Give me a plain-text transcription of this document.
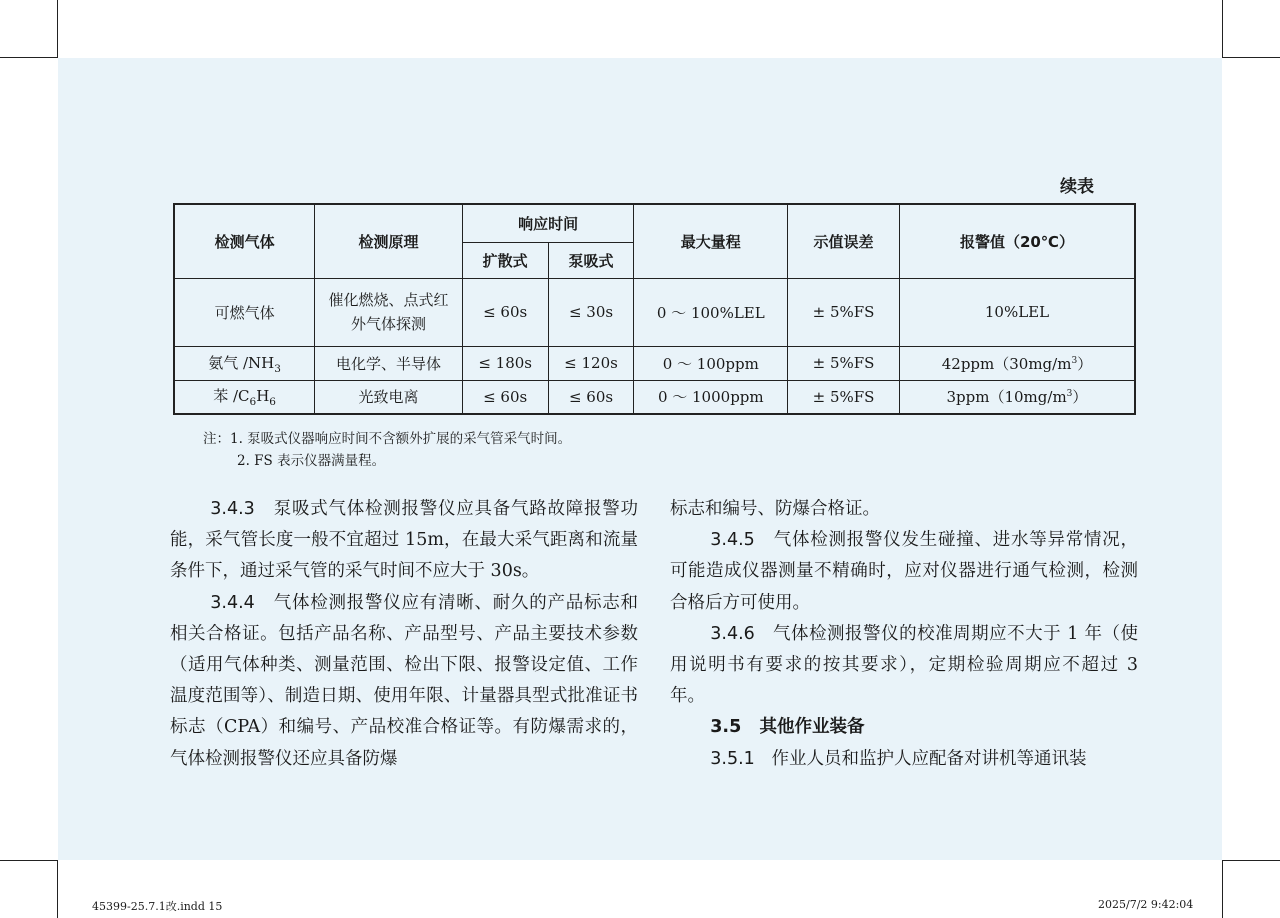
续表
检测气体	检测原理	响应时间		最大量程	示值误差	报警值（20℃）
		扩散式	泵吸式			
可燃气体	催化燃烧、点式红外气体探测	≤ 60s	≤ 30s	0 ～ 100%LEL	± 5%FS	10%LEL
氨气 $/NH_3$	电化学、半导体	≤ 180s	≤ 120s	0 ～ 100ppm	± 5%FS	$42ppm(30mg/m^3)$
苯 $/C_6H_6$	光致电离	≤ 60s	≤ 60s	0 ～ 1000ppm	± 5%FS	$3ppm(10mg/m^3)$
注：1. 泵吸式仪器响应时间不含额外扩展的采气管采气时间。
2. FS 表示仪器满量程。

3.4.3 泵吸式气体检测报警仪应具备气路故障报警功能，采气管长度一般不宜超过 15m，在最大采气距离和流量条件下，通过采气管的采气时间不应大于 30s。

3.4.4 气体检测报警仪应有清晰、耐久的产品标志和相关合格证。包括产品名称、产品型号、产品主要技术参数（适用气体种类、测量范围、检出下限、报警设定值、工作温度范围等）、制造日期、使用年限、计量器具型式批准证书标志（CPA）和编号、产品校准合格证等。有防爆需求的，气体检测报警仪还应具备防爆

标志和编号、防爆合格证。

3.4.5 气体检测报警仪发生碰撞、进水等异常情况，可能造成仪器测量不精确时，应对仪器进行通气检测，检测合格后方可使用。

3.4.6 气体检测报警仪的校准周期应不大于 1 年（使用说明书有要求的按其要求），定期检验周期应不超过 3 年。

3.5 其他作业装备

3.5.1 作业人员和监护人应配备对讲机等通讯装

45399-25.7.1改.indd 15	2025/7/2 9:42:04
